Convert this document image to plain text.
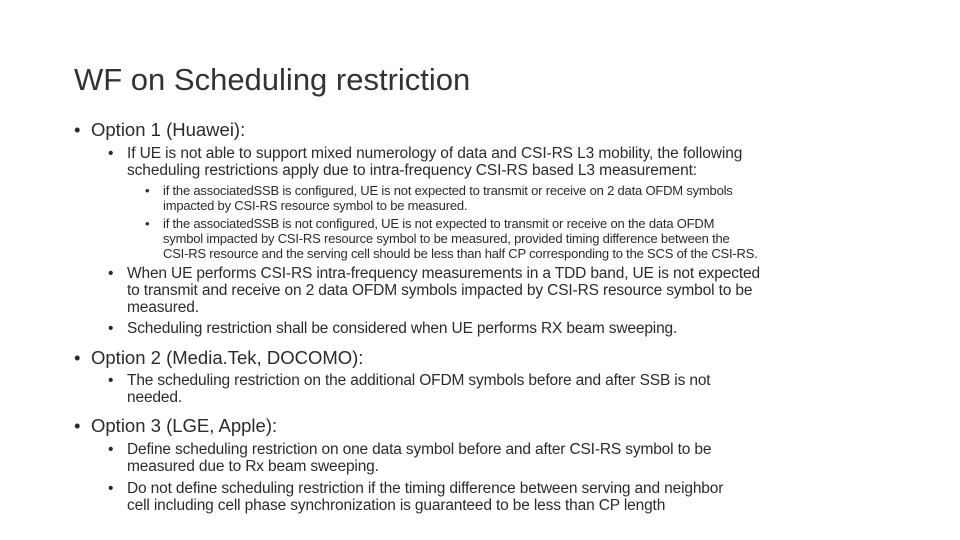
WF on Scheduling restriction
• Option 1 (Huawei):

• If UE is not able to support mixed numerology of data and CSI-RS L3 mobility, the following

scheduling restrictions apply due to intra-frequency CSI-RS based L3 measurement:

• if the associatedSSB is configured, UE is not expected to transmit or receive on 2 data OFDM symbols

impacted by CSI-RS resource symbol to be measured.

• if the associatedSSB is not configured, UE is not expected to transmit or receive on the data OFDM

symbol impacted by CSI-RS resource symbol to be measured, provided timing difference between the

CSI-RS resource and the serving cell should be less than half CP corresponding to the SCS of the CSI-RS.

• When UE performs CSI-RS intra-frequency measurements in a TDD band, UE is not expected

to transmit and receive on 2 data OFDM symbols impacted by CSI-RS resource symbol to be

measured.

• Scheduling restriction shall be considered when UE performs RX beam sweeping.

• Option 2 (Media.Tek, DOCOMO):

• The scheduling restriction on the additional OFDM symbols before and after SSB is not

needed.

• Option 3 (LGE, Apple):

• Define scheduling restriction on one data symbol before and after CSI-RS symbol to be

measured due to Rx beam sweeping.

• Do not define scheduling restriction if the timing difference between serving and neighbor

cell including cell phase synchronization is guaranteed to be less than CP length
